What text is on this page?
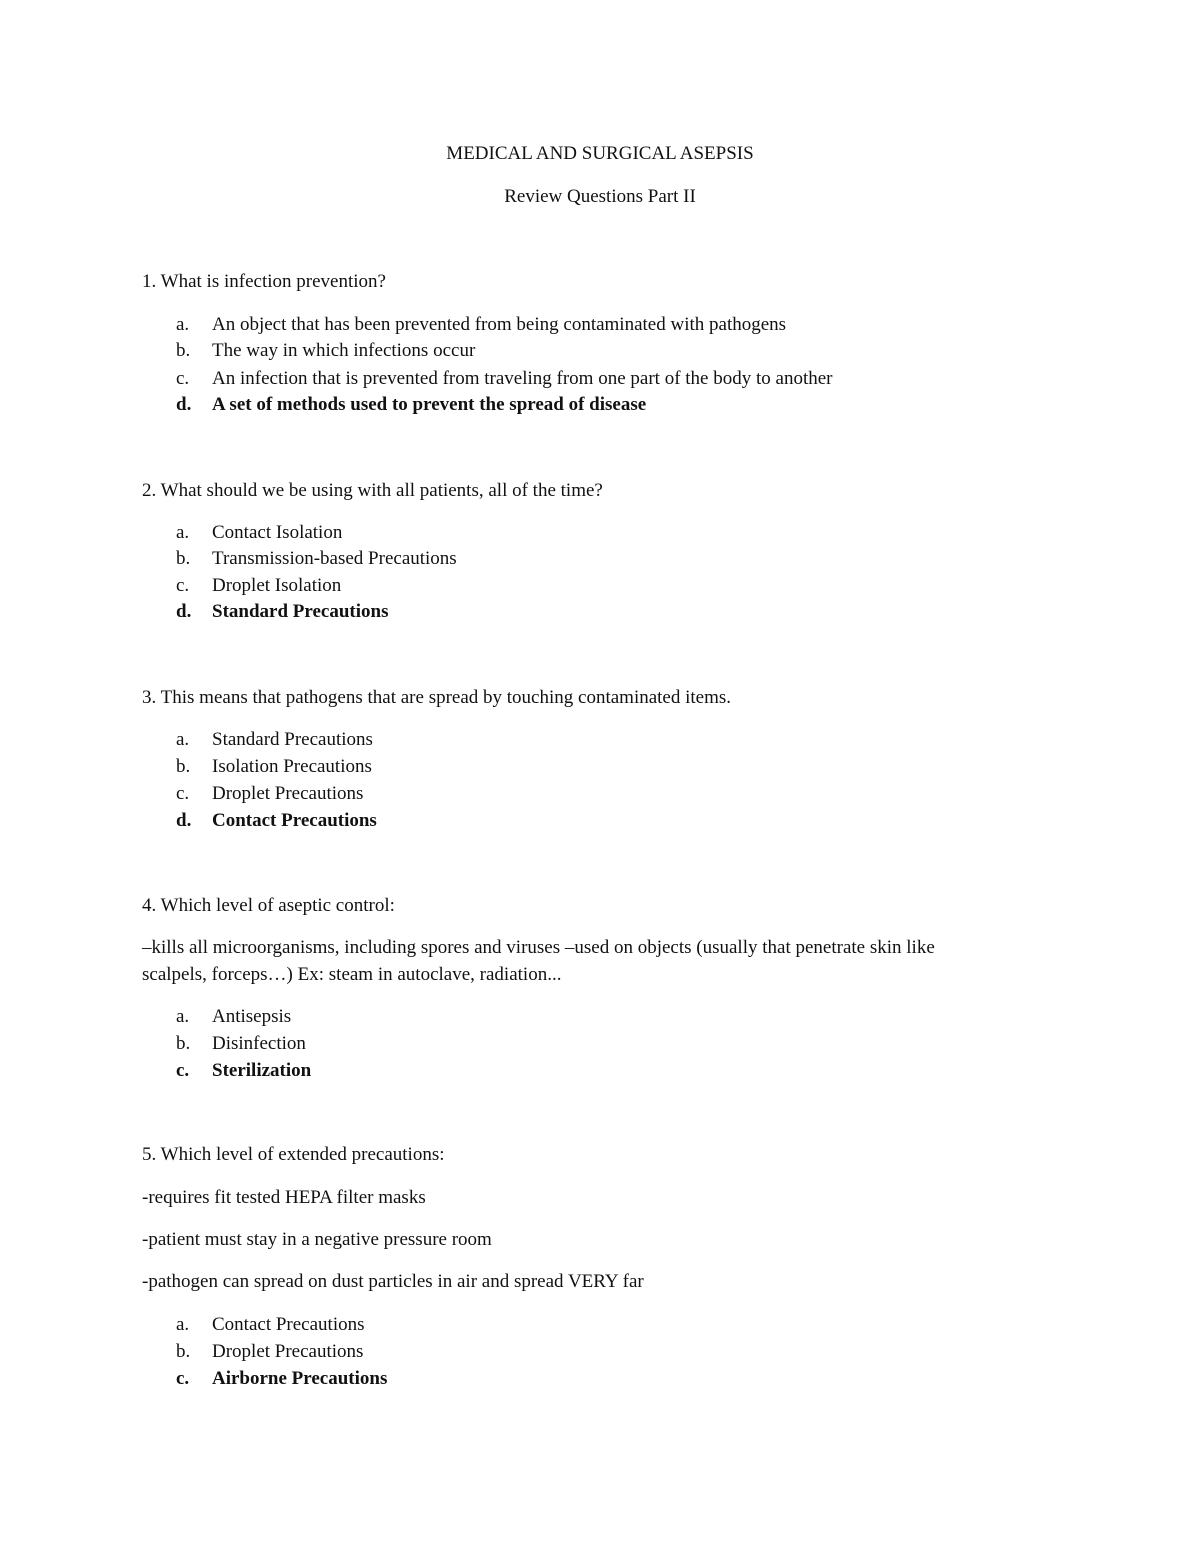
MEDICAL AND SURGICAL ASEPSIS
Review Questions Part II
1. What is infection prevention?
a. An object that has been prevented from being contaminated with pathogens
b. The way in which infections occur
c. An infection that is prevented from traveling from one part of the body to another
d. A set of methods used to prevent the spread of disease
2. What should we be using with all patients, all of the time?
a. Contact Isolation
b. Transmission-based Precautions
c. Droplet Isolation
d. Standard Precautions
3. This means that pathogens that are spread by touching contaminated items.
a. Standard Precautions
b. Isolation Precautions
c. Droplet Precautions
d. Contact Precautions
4. Which level of aseptic control:
–kills all microorganisms, including spores and viruses –used on objects (usually that penetrate skin like
scalpels, forceps…) Ex: steam in autoclave, radiation...
a. Antisepsis
b. Disinfection
c. Sterilization
5. Which level of extended precautions:
-requires fit tested HEPA filter masks
-patient must stay in a negative pressure room
-pathogen can spread on dust particles in air and spread VERY far
a. Contact Precautions
b. Droplet Precautions
c. Airborne Precautions
